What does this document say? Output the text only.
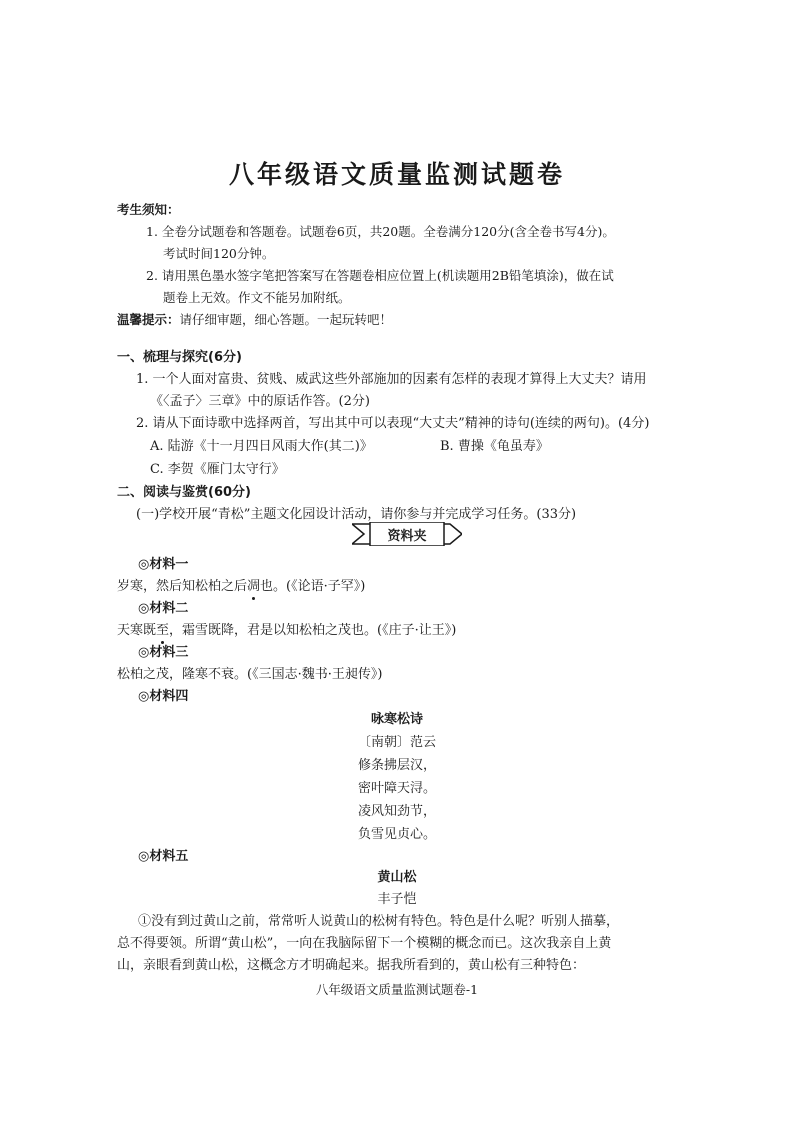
八年级语文质量监测试题卷
考生须知：
1. 全卷分试题卷和答题卷。试题卷6页，共20题。全卷满分120分(含全卷书写4分)。
考试时间120分钟。
2. 请用黑色墨水签字笔把答案写在答题卷相应位置上(机读题用2B铅笔填涂)，做在试
题卷上无效。作文不能另加附纸。
温馨提示：请仔细审题，细心答题。一起玩转吧！
一、梳理与探究(6分)
1. 一个人面对富贵、贫贱、威武这些外部施加的因素有怎样的表现才算得上大丈夫？请用
《〈孟子〉三章》中的原话作答。(2分)
2. 请从下面诗歌中选择两首，写出其中可以表现“大丈夫”精神的诗句(连续的两句)。(4分)
A. 陆游《十一月四日风雨大作(其二)》	B. 曹操《龟虽寿》
C. 李贺《雁门太守行》
二、阅读与鉴赏(60分)
(一)学校开展“青松”主题文化园设计活动，请你参与并完成学习任务。(33分)
资料夹
◎材料一
岁寒，然后知松柏之后凋
也。(《论语·子罕》)
◎材料二
天寒既至
，霜雪既降，君是以知松柏之茂也。(《庄子·让王》)
◎材料三
松柏之茂，隆寒不衰。(《三国志·魏书·王昶传》)
◎材料四
咏寒松诗
〔南朝〕范云
修条拂层汉，
密叶障天浔。
凌风知劲节，
负雪见贞心。
◎材料五
黄山松
丰子恺
①没有到过黄山之前，常常听人说黄山的松树有特色。特色是什么呢？听别人描摹，
总不得要领。所谓“黄山松”，一向在我脑际留下一个模糊的概念而已。这次我亲自上黄
山，亲眼看到黄山松，这概念方才明确起来。据我所看到的，黄山松有三种特色：
八年级语文质量监测试题卷-1
